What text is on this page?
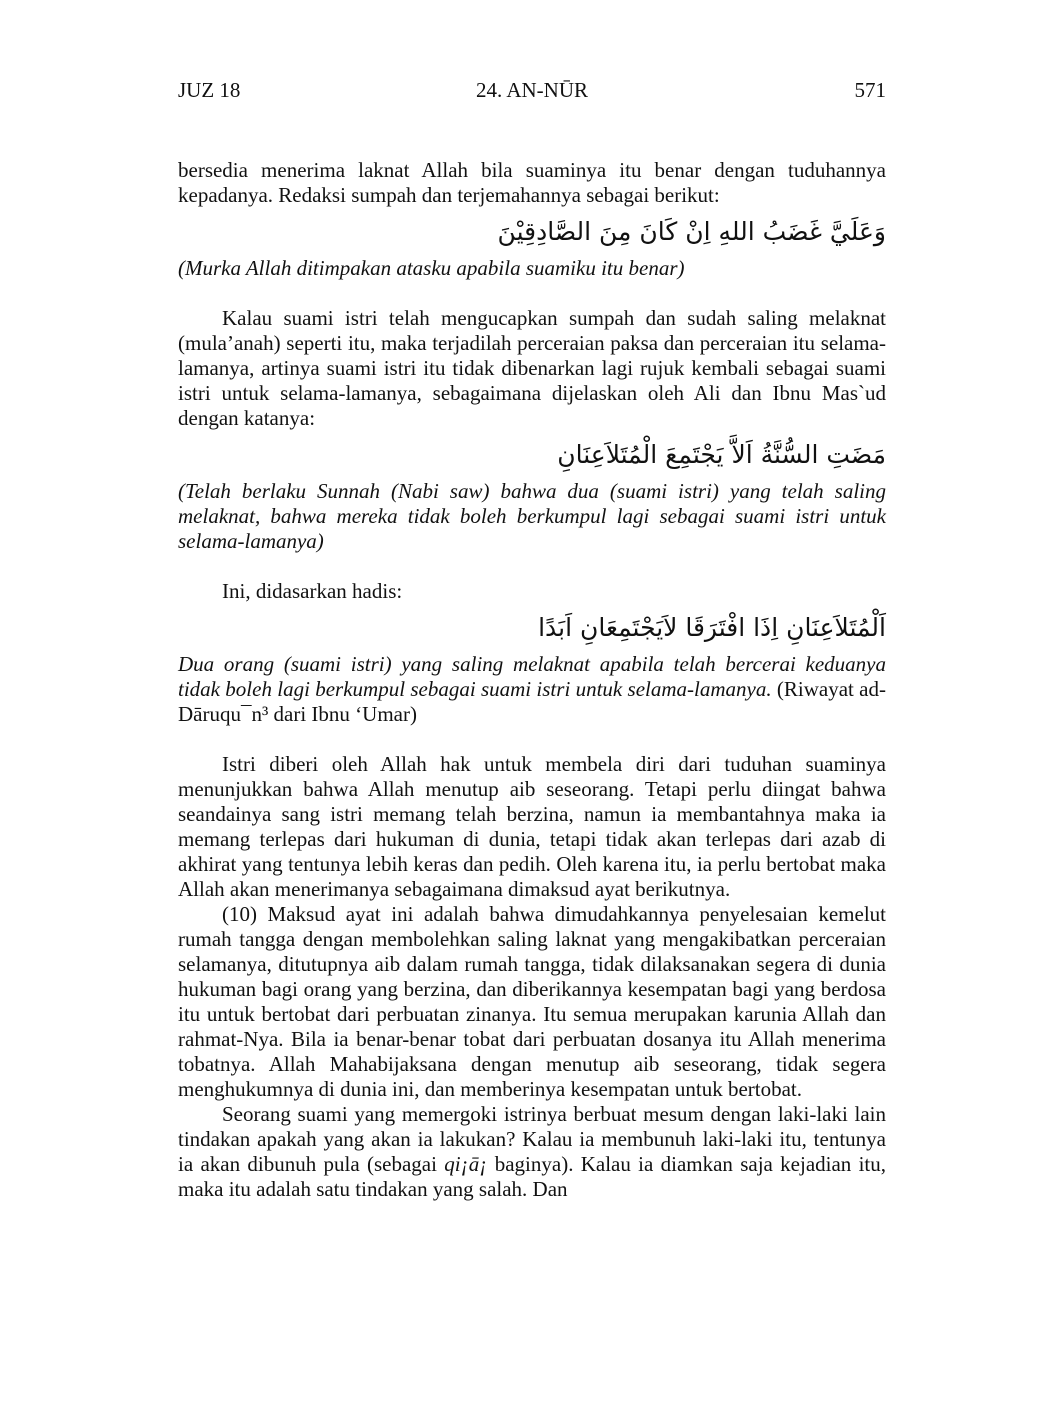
JUZ 18	24. AN-NŪR	571

bersedia menerima laknat Allah bila suaminya itu benar dengan tuduhannya kepadanya. Redaksi sumpah dan terjemahannya sebagai berikut:

وَعَلَيَّ غَضَبُ اللهِ اِنْ كَانَ مِنَ الصَّادِقِيْنَ

(Murka Allah ditimpakan atasku apabila suamiku itu benar)

Kalau suami istri telah mengucapkan sumpah dan sudah saling melaknat (mula’anah) seperti itu, maka terjadilah perceraian paksa dan perceraian itu selama-lamanya, artinya suami istri itu tidak dibenarkan lagi rujuk kembali sebagai suami istri untuk selama-lamanya, sebagaimana dijelaskan oleh Ali dan Ibnu Mas`ud dengan katanya:

مَضَتِ السُّنَّةُ اَلاَّ يَجْتَمِعَ الْمُتَلاَعِنَانِ

(Telah berlaku Sunnah (Nabi saw) bahwa dua (suami istri) yang telah saling melaknat, bahwa mereka tidak boleh berkumpul lagi sebagai suami istri untuk selama-lamanya)

Ini, didasarkan hadis:

اَلْمُتَلاَعِنَانِ اِذَا افْتَرَقَا لاَيَجْتَمِعَانِ اَبَدًا

Dua orang (suami istri) yang saling melaknat apabila telah bercerai keduanya tidak boleh lagi berkumpul sebagai suami istri untuk selama-lamanya. (Riwayat ad-Dāruqu¯n³ dari Ibnu ‘Umar)

Istri diberi oleh Allah hak untuk membela diri dari tuduhan suaminya menunjukkan bahwa Allah menutup aib seseorang. Tetapi perlu diingat bahwa seandainya sang istri memang telah berzina, namun ia membantahnya maka ia memang terlepas dari hukuman di dunia, tetapi tidak akan terlepas dari azab di akhirat yang tentunya lebih keras dan pedih. Oleh karena itu, ia perlu bertobat maka Allah akan menerimanya sebagaimana dimaksud ayat berikutnya.

(10) Maksud ayat ini adalah bahwa dimudahkannya penyelesaian kemelut rumah tangga dengan membolehkan saling laknat yang mengakibatkan perceraian selamanya, ditutupnya aib dalam rumah tangga, tidak dilaksanakan segera di dunia hukuman bagi orang yang berzina, dan diberikannya kesempatan bagi yang berdosa itu untuk bertobat dari perbuatan zinanya. Itu semua merupakan karunia Allah dan rahmat-Nya. Bila ia benar-benar tobat dari perbuatan dosanya itu Allah menerima tobatnya. Allah Mahabijaksana dengan menutup aib seseorang, tidak segera menghukumnya di dunia ini, dan memberinya kesempatan untuk bertobat.

Seorang suami yang memergoki istrinya berbuat mesum dengan laki-laki lain tindakan apakah yang akan ia lakukan? Kalau ia membunuh laki-laki itu, tentunya ia akan dibunuh pula (sebagai qi¡ā¡ baginya). Kalau ia diamkan saja kejadian itu, maka itu adalah satu tindakan yang salah. Dan
